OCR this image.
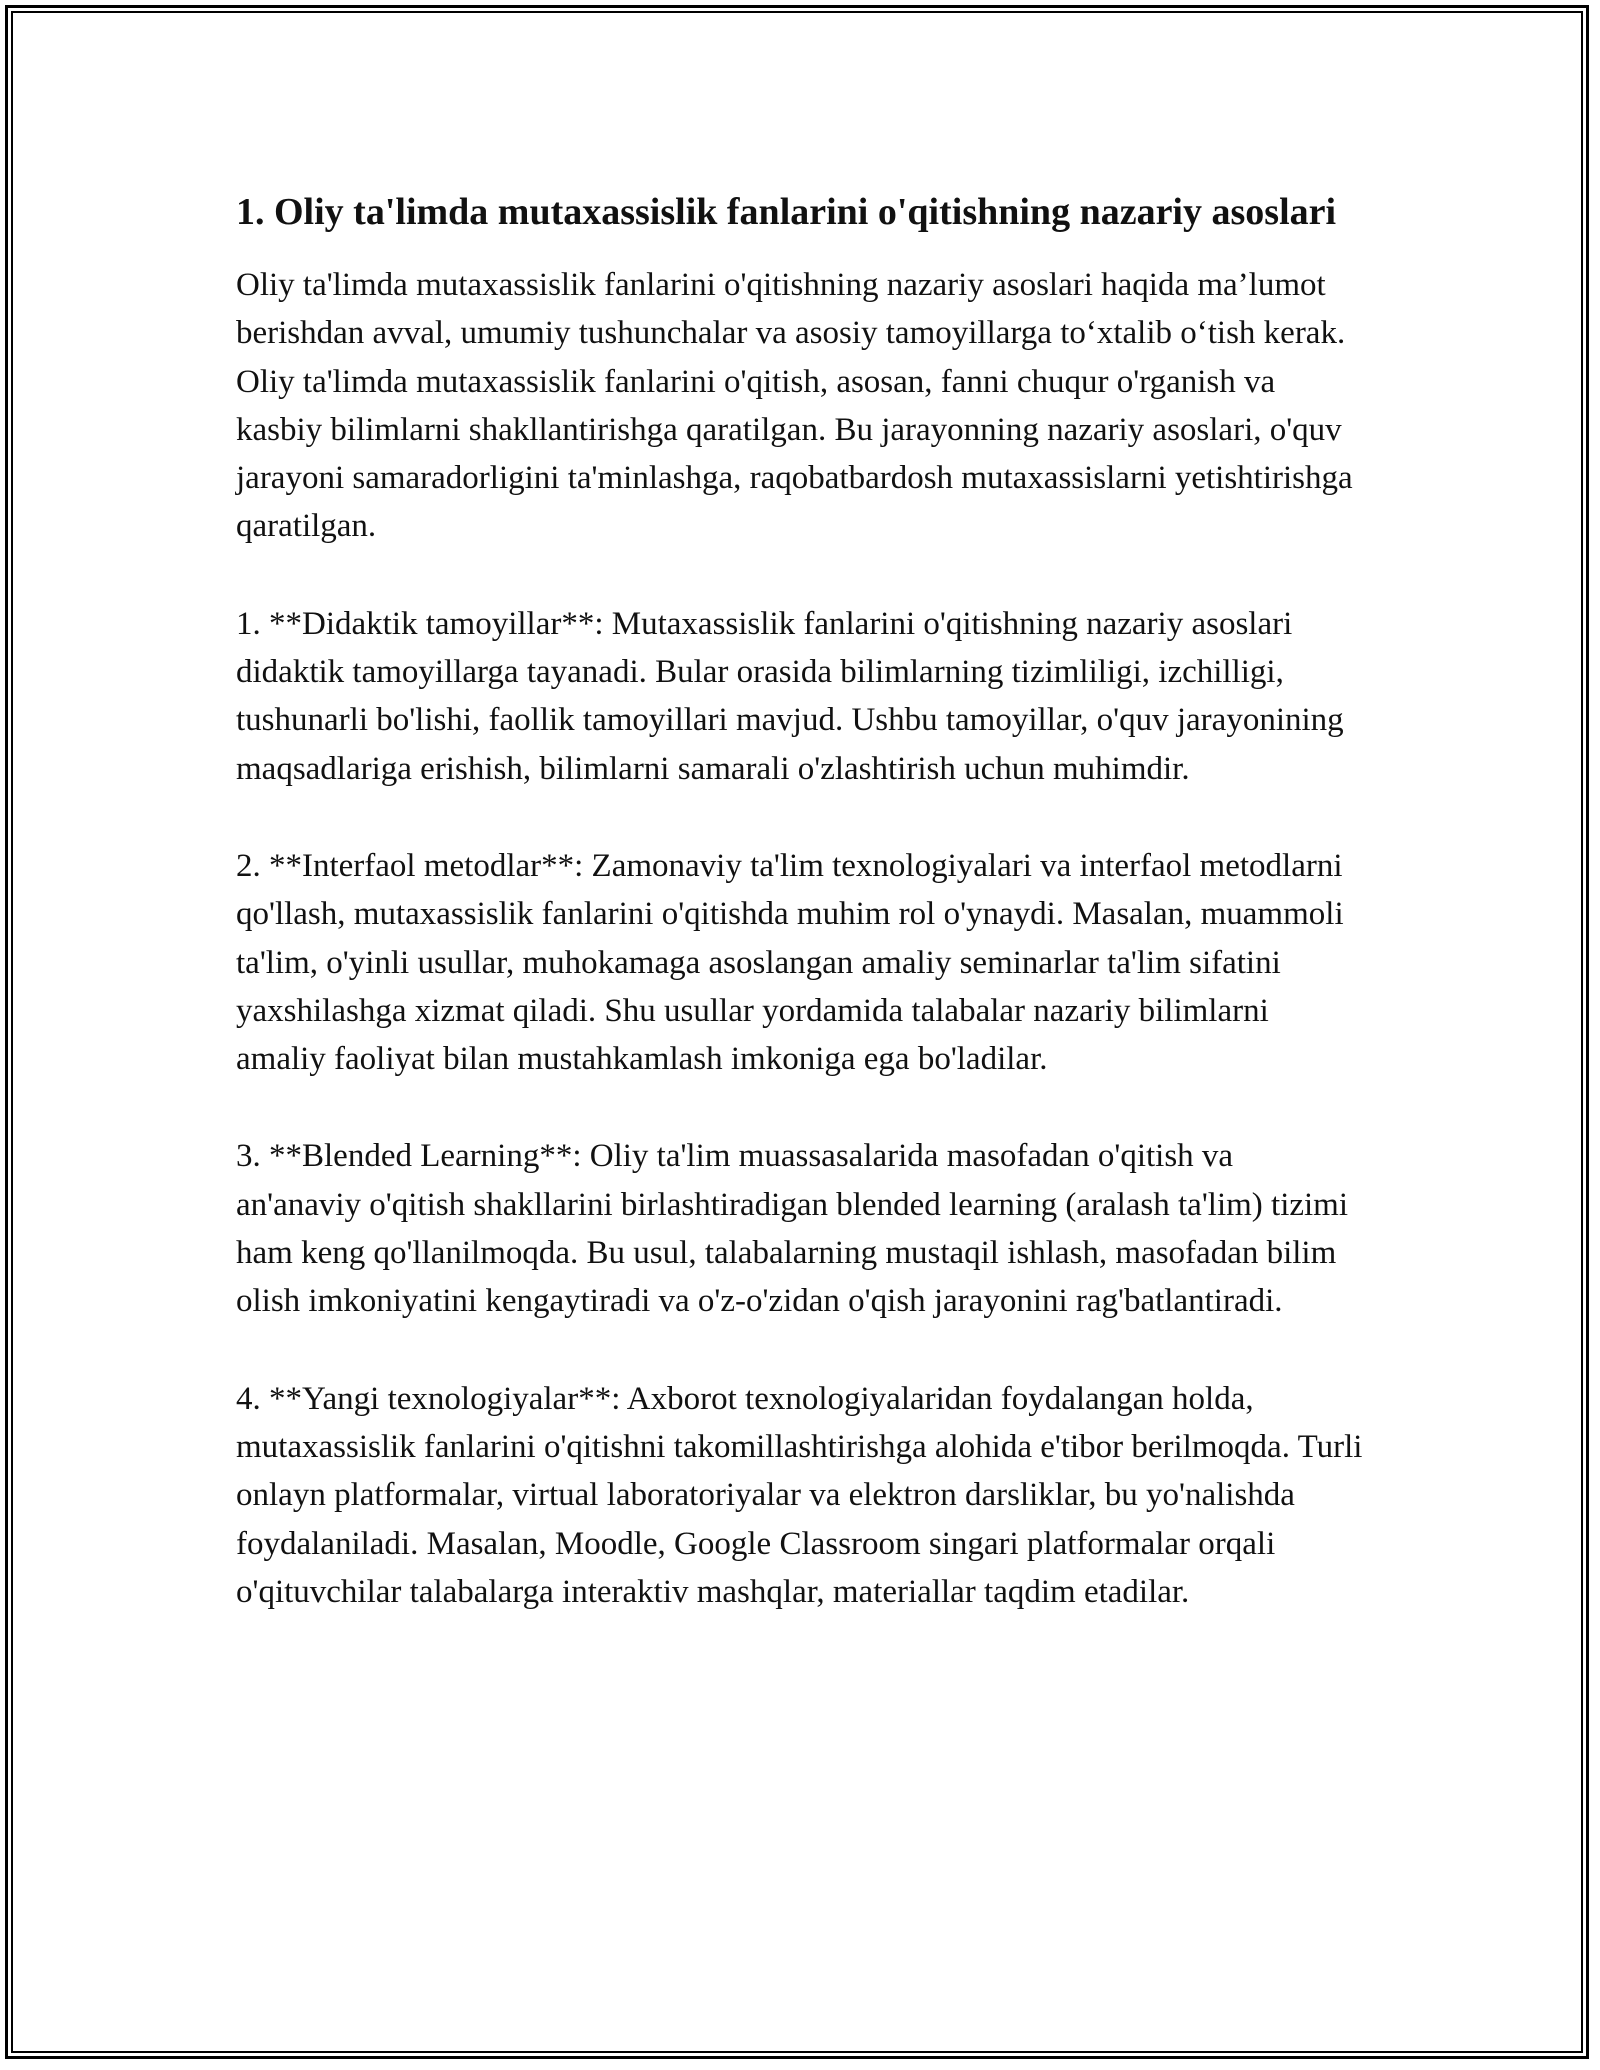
1. Oliy ta'limda mutaxassislik fanlarini o'qitishning nazariy asoslari

Oliy ta'limda mutaxassislik fanlarini o'qitishning nazariy asoslari haqida ma’lumot berishdan avval, umumiy tushunchalar va asosiy tamoyillarga to‘xtalib o‘tish kerak. Oliy ta'limda mutaxassislik fanlarini o'qitish, asosan, fanni chuqur o'rganish va kasbiy bilimlarni shakllantirishga qaratilgan. Bu jarayonning nazariy asoslari, o'quv jarayoni samaradorligini ta'minlashga, raqobatbardosh mutaxassislarni yetishtirishga qaratilgan.

1. **Didaktik tamoyillar**: Mutaxassislik fanlarini o'qitishning nazariy asoslari didaktik tamoyillarga tayanadi. Bular orasida bilimlarning tizimliligi, izchilligi, tushunarli bo'lishi, faollik tamoyillari mavjud. Ushbu tamoyillar, o'quv jarayonining maqsadlariga erishish, bilimlarni samarali o'zlashtirish uchun muhimdir.

2. **Interfaol metodlar**: Zamonaviy ta'lim texnologiyalari va interfaol metodlarni qo'llash, mutaxassislik fanlarini o'qitishda muhim rol o'ynaydi. Masalan, muammoli ta'lim, o'yinli usullar, muhokamaga asoslangan amaliy seminarlar ta'lim sifatini yaxshilashga xizmat qiladi. Shu usullar yordamida talabalar nazariy bilimlarni amaliy faoliyat bilan mustahkamlash imkoniga ega bo'ladilar.

3. **Blended Learning**: Oliy ta'lim muassasalarida masofadan o'qitish va an'anaviy o'qitish shakllarini birlashtiradigan blended learning (aralash ta'lim) tizimi ham keng qo'llanilmoqda. Bu usul, talabalarning mustaqil ishlash, masofadan bilim olish imkoniyatini kengaytiradi va o'z-o'zidan o'qish jarayonini rag'batlantiradi.

4. **Yangi texnologiyalar**: Axborot texnologiyalaridan foydalangan holda, mutaxassislik fanlarini o'qitishni takomillashtirishga alohida e'tibor berilmoqda. Turli onlayn platformalar, virtual laboratoriyalar va elektron darsliklar, bu yo'nalishda foydalaniladi. Masalan, Moodle, Google Classroom singari platformalar orqali o'qituvchilar talabalarga interaktiv mashqlar, materiallar taqdim etadilar.
